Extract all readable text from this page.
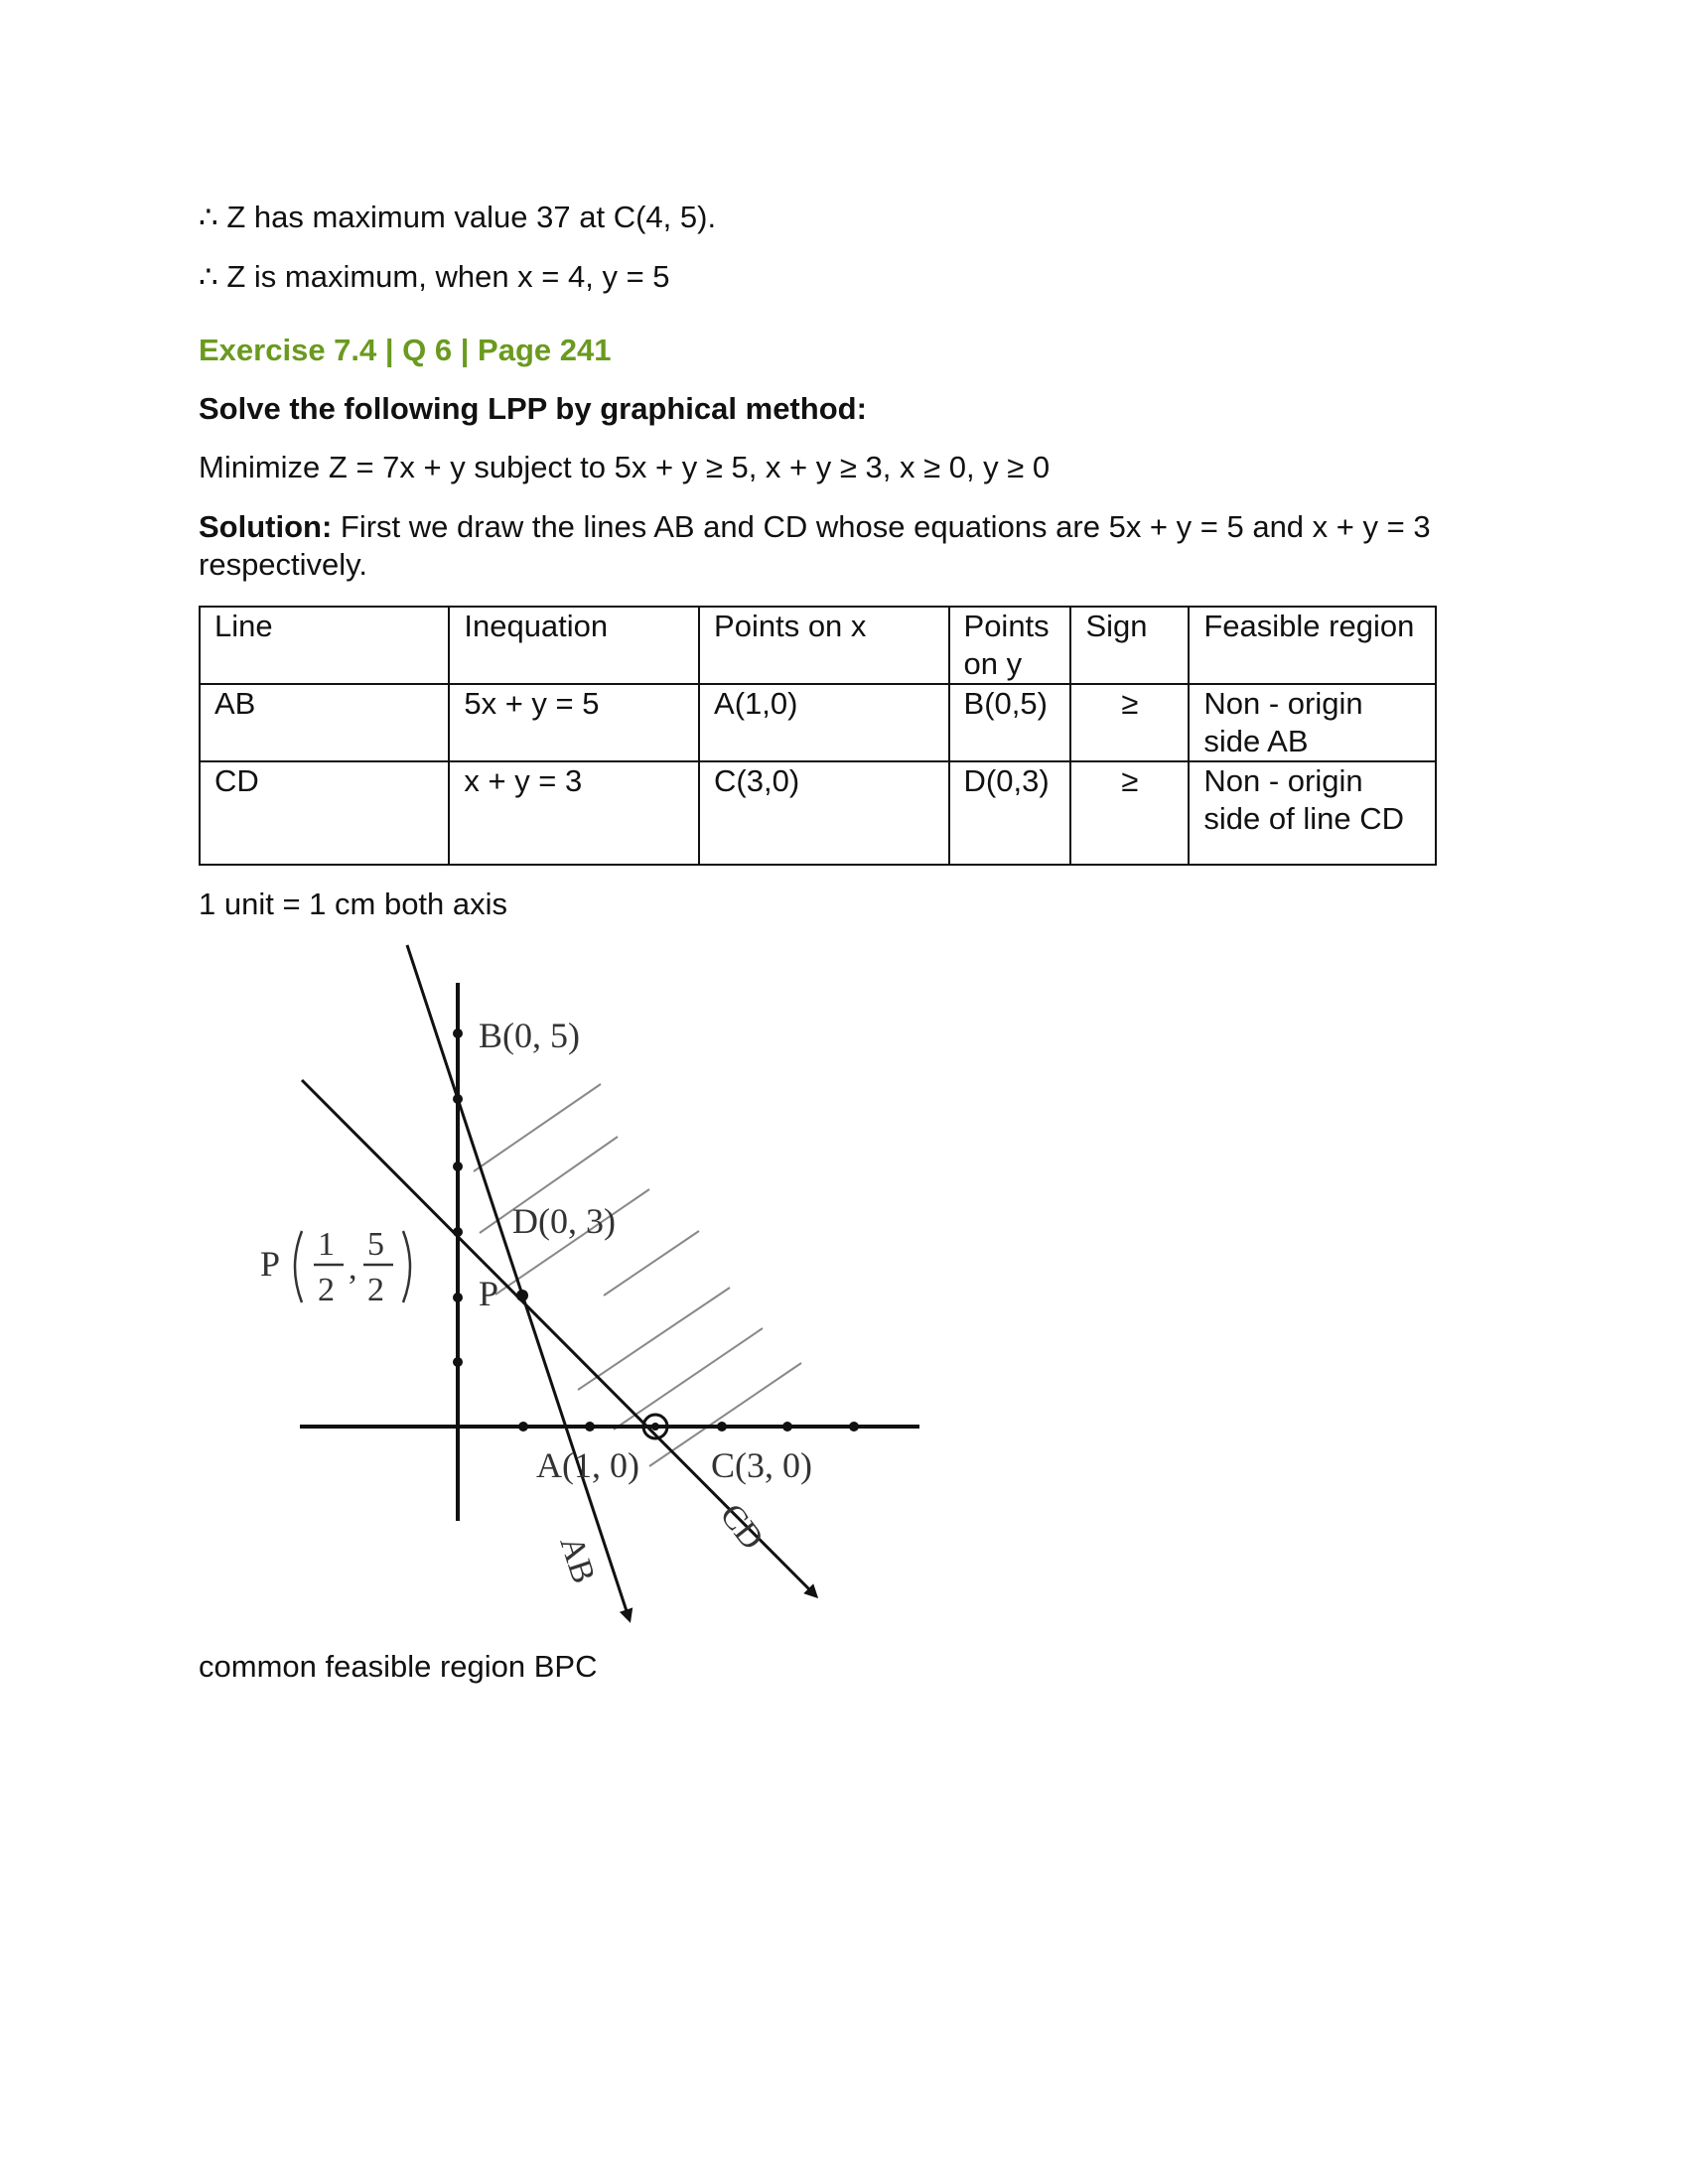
∴ Z has maximum value 37 at C(4, 5).
∴ Z is maximum, when x = 4, y = 5
Exercise 7.4 | Q 6 | Page 241
Solve the following LPP by graphical method:
Minimize Z = 7x + y subject to 5x + y ≥ 5, x + y ≥ 3, x ≥ 0, y ≥ 0
Solution: First we draw the lines AB and CD whose equations are 5x + y = 5 and x + y = 3 respectively.
Line	Inequation	Points on x	Points on y	Sign	Feasible region
AB	5x + y = 5	A(1,0)	B(0,5)	≥	Non - origin side AB
CD	x + y = 3	C(3,0)	D(0,3)	≥	Non - origin side of line CD
1 unit = 1 cm both axis
B(0, 5)
D(0, 3)
P
P 1
2
,
5
2
A(1, 0) C(3, 0)
AB
CD
common feasible region BPC
